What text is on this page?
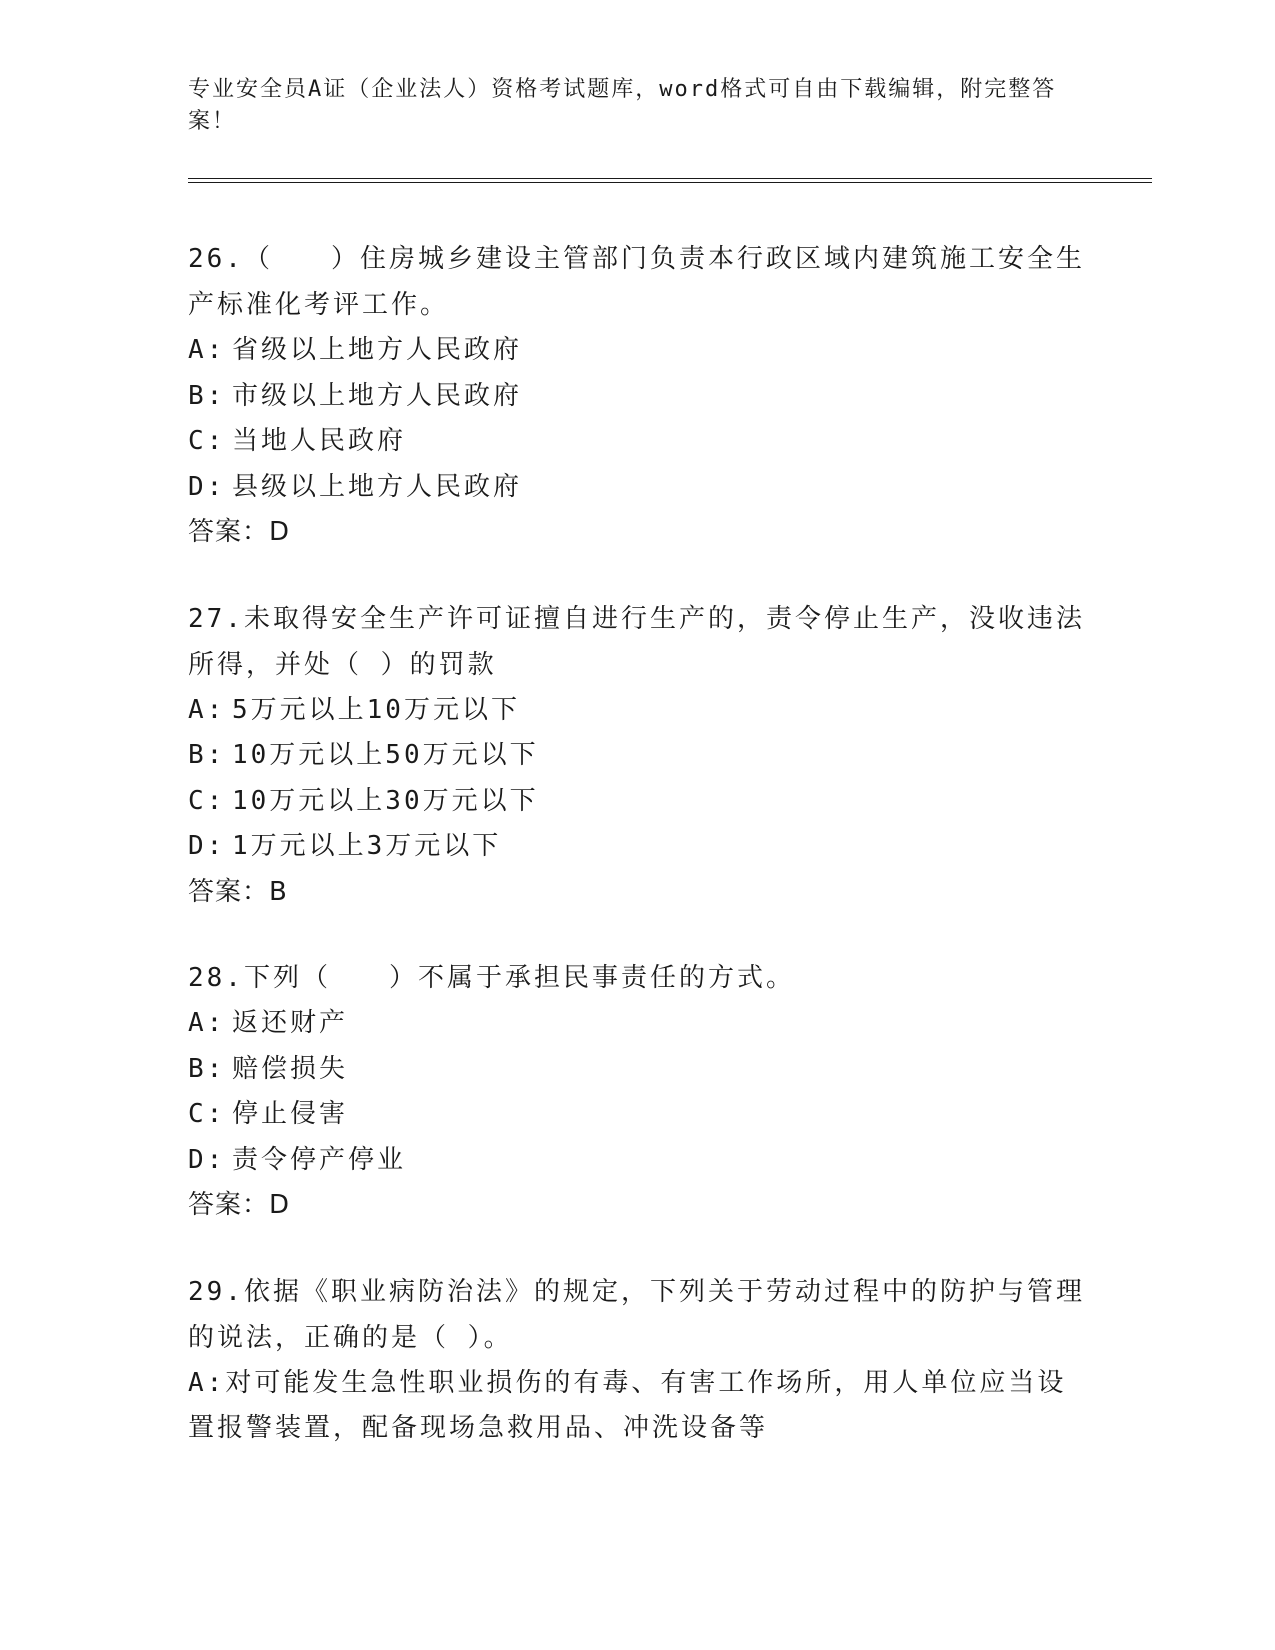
专业安全员A证（企业法人）资格考试题库，word格式可自由下载编辑，附完整答案！

26.（　　）住房城乡建设主管部门负责本行政区域内建筑施工安全生产标准化考评工作。

A: 省级以上地方人民政府

B: 市级以上地方人民政府

C: 当地人民政府

D: 县级以上地方人民政府

答案：D

27.未取得安全生产许可证擅自进行生产的，责令停止生产，没收违法所得，并处（ ）的罚款

A: 5万元以上10万元以下

B: 10万元以上50万元以下

C: 10万元以上30万元以下

D: 1万元以上3万元以下

答案：B

28.下列（　　）不属于承担民事责任的方式。

A: 返还财产

B: 赔偿损失

C: 停止侵害

D: 责令停产停业

答案：D

29.依据《职业病防治法》的规定，下列关于劳动过程中的防护与管理的说法，正确的是（ ）。

A:对可能发生急性职业损伤的有毒、有害工作场所，用人单位应当设置报警装置，配备现场急救用品、冲洗设备等
